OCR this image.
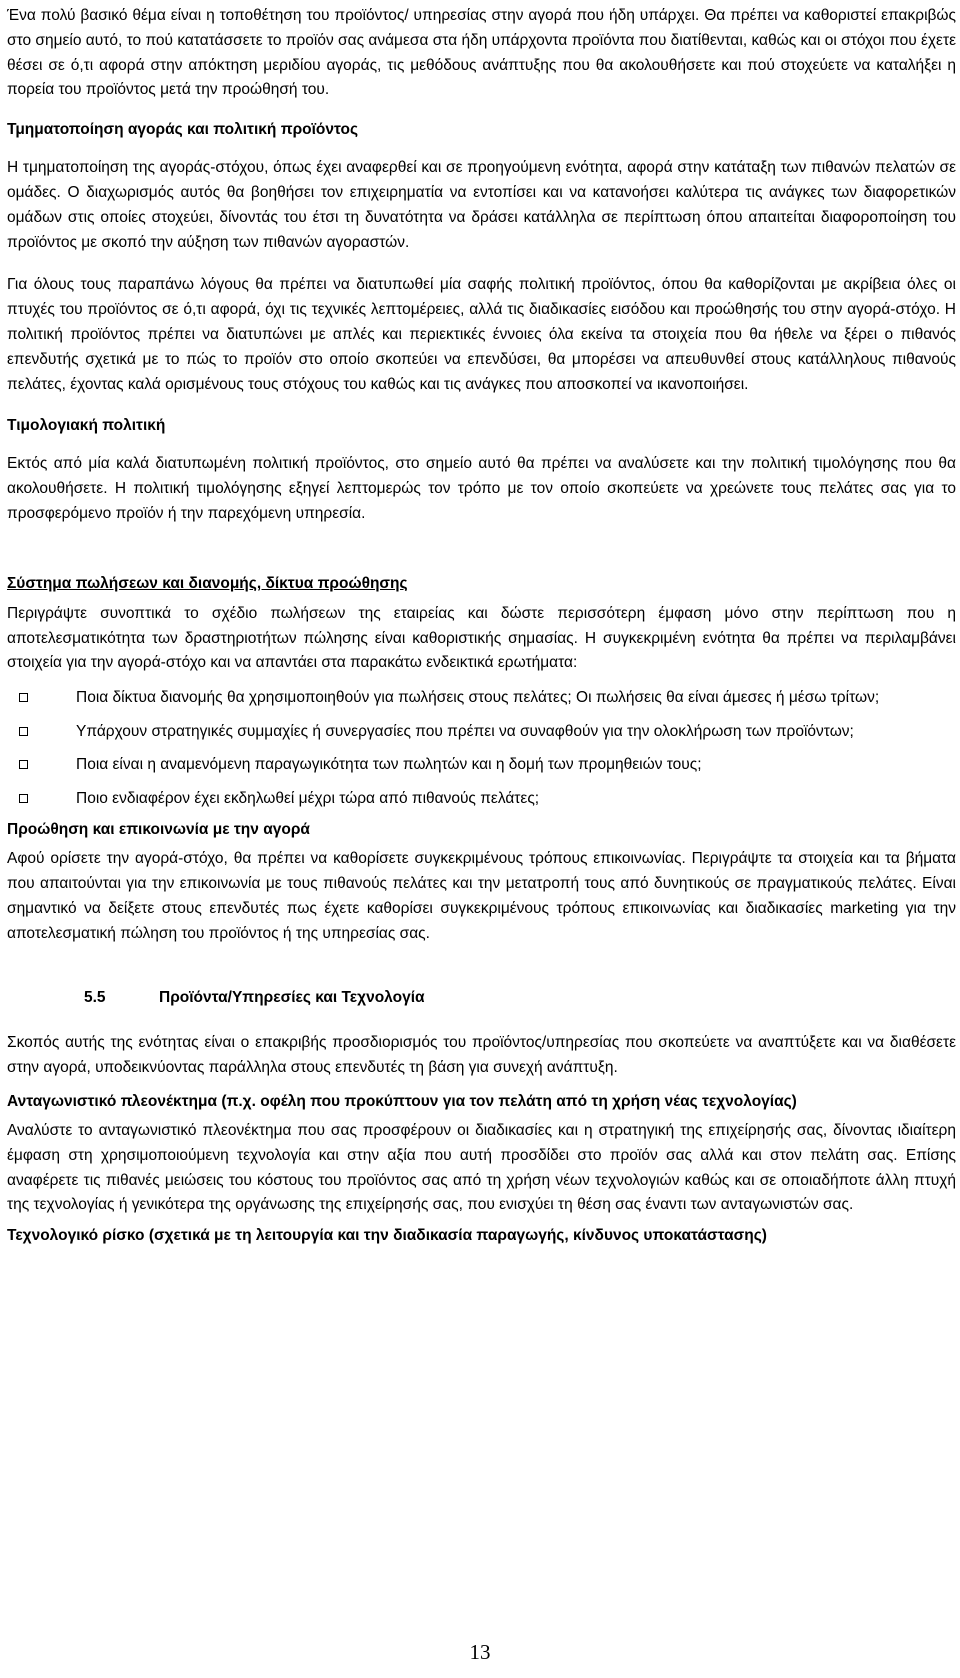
Ένα πολύ βασικό θέμα είναι η τοποθέτηση του προϊόντος/ υπηρεσίας στην αγορά που ήδη υπάρχει. Θα πρέπει να καθοριστεί επακριβώς στο σημείο αυτό, το πού κατατάσσετε το προϊόν σας ανάμεσα στα ήδη υπάρχοντα προϊόντα που διατίθενται, καθώς και οι στόχοι που έχετε θέσει σε ό,τι αφορά στην απόκτηση μεριδίου αγοράς, τις μεθόδους ανάπτυξης που θα ακολουθήσετε και πού στοχεύετε να καταλήξει η πορεία του προϊόντος μετά την προώθησή του.

Τμηματοποίηση αγοράς και πολιτική προϊόντος

Η τμηματοποίηση της αγοράς-στόχου, όπως έχει αναφερθεί και σε προηγούμενη ενότητα, αφορά στην κατάταξη των πιθανών πελατών σε ομάδες. Ο διαχωρισμός αυτός θα βοηθήσει τον επιχειρηματία να εντοπίσει και να κατανοήσει καλύτερα τις ανάγκες των διαφορετικών ομάδων στις οποίες στοχεύει, δίνοντάς του έτσι τη δυνατότητα να δράσει κατάλληλα σε περίπτωση όπου απαιτείται διαφοροποίηση του προϊόντος με σκοπό την αύξηση των πιθανών αγοραστών.

Για όλους τους παραπάνω λόγους θα πρέπει να διατυπωθεί μία σαφής πολιτική προϊόντος, όπου θα καθορίζονται με ακρίβεια όλες οι πτυχές του προϊόντος σε ό,τι αφορά, όχι τις τεχνικές λεπτομέρειες, αλλά τις διαδικασίες εισόδου και προώθησής του στην αγορά-στόχο. Η πολιτική προϊόντος πρέπει να διατυπώνει με απλές και περιεκτικές έννοιες όλα εκείνα τα στοιχεία που θα ήθελε να ξέρει ο πιθανός επενδυτής σχετικά με το πώς το προϊόν στο οποίο σκοπεύει να επενδύσει, θα μπορέσει να απευθυνθεί στους κατάλληλους πιθανούς πελάτες, έχοντας καλά ορισμένους τους στόχους του καθώς και τις ανάγκες που αποσκοπεί να ικανοποιήσει.

Τιμολογιακή πολιτική

Εκτός από μία καλά διατυπωμένη πολιτική προϊόντος, στο σημείο αυτό θα πρέπει να αναλύσετε και την πολιτική τιμολόγησης που θα ακολουθήσετε. Η πολιτική τιμολόγησης εξηγεί λεπτομερώς τον τρόπο με τον οποίο σκοπεύετε να χρεώνετε τους πελάτες σας για το προσφερόμενο προϊόν ή την παρεχόμενη υπηρεσία.

Σύστημα πωλήσεων και διανομής, δίκτυα προώθησης

Περιγράψτε συνοπτικά το σχέδιο πωλήσεων της εταιρείας και δώστε περισσότερη έμφαση μόνο στην περίπτωση που η αποτελεσματικότητα των δραστηριοτήτων πώλησης είναι καθοριστικής σημασίας. Η συγκεκριμένη ενότητα θα πρέπει να περιλαμβάνει στοιχεία για την αγορά-στόχο και να απαντάει στα παρακάτω ενδεικτικά ερωτήματα:

Ποια δίκτυα διανομής θα χρησιμοποιηθούν για πωλήσεις στους πελάτες; Οι πωλήσεις θα είναι άμεσες ή μέσω τρίτων;
Υπάρχουν στρατηγικές συμμαχίες ή συνεργασίες που πρέπει να συναφθούν για την ολοκλήρωση των προϊόντων;
Ποια είναι η αναμενόμενη παραγωγικότητα των πωλητών και η δομή των προμηθειών τους;
Ποιο ενδιαφέρον έχει εκδηλωθεί μέχρι τώρα από πιθανούς πελάτες;

Προώθηση και επικοινωνία με την αγορά

Αφού ορίσετε την αγορά-στόχο, θα πρέπει να καθορίσετε συγκεκριμένους τρόπους επικοινωνίας. Περιγράψτε τα στοιχεία και τα βήματα που απαιτούνται για την επικοινωνία με τους πιθανούς πελάτες και την μετατροπή τους από δυνητικούς σε πραγματικούς πελάτες. Είναι σημαντικό να δείξετε στους επενδυτές πως έχετε καθορίσει συγκεκριμένους τρόπους επικοινωνίας και διαδικασίες marketing για την αποτελεσματική πώληση του προϊόντος ή της υπηρεσίας σας.

5.5	Προϊόντα/Υπηρεσίες και Τεχνολογία

Σκοπός αυτής της ενότητας είναι ο επακριβής προσδιορισμός του προϊόντος/υπηρεσίας που σκοπεύετε να αναπτύξετε και να διαθέσετε στην αγορά, υποδεικνύοντας παράλληλα στους επενδυτές τη βάση για συνεχή ανάπτυξη.

Ανταγωνιστικό πλεονέκτημα (π.χ. οφέλη που προκύπτουν για τον πελάτη από τη χρήση νέας τεχνολογίας)

Αναλύστε το ανταγωνιστικό πλεονέκτημα που σας προσφέρουν οι διαδικασίες και η στρατηγική της επιχείρησής σας, δίνοντας ιδιαίτερη έμφαση στη χρησιμοποιούμενη τεχνολογία και στην αξία που αυτή προσδίδει στο προϊόν σας αλλά και στον πελάτη σας. Επίσης αναφέρετε τις πιθανές μειώσεις του κόστους του προϊόντος σας από τη χρήση νέων τεχνολογιών καθώς και σε οποιαδήποτε άλλη πτυχή της τεχνολογίας ή γενικότερα της οργάνωσης της επιχείρησής σας, που ενισχύει τη θέση σας έναντι των ανταγωνιστών σας.

Τεχνολογικό ρίσκο (σχετικά με τη λειτουργία και την διαδικασία παραγωγής, κίνδυνος υποκατάστασης)

13
